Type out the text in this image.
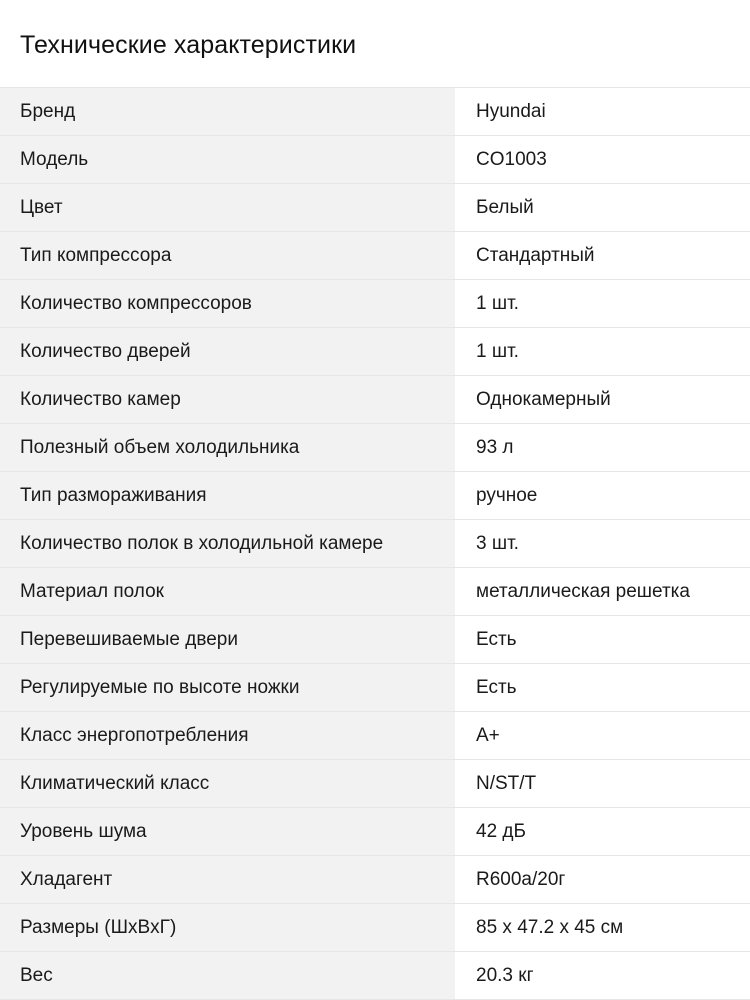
Технические характеристики
Бренд	Hyundai
Модель	CO1003
Цвет	Белый
Тип компрессора	Стандартный
Количество компрессоров	1 шт.
Количество дверей	1 шт.
Количество камер	Однокамерный
Полезный объем холодильника	93 л
Тип размораживания	ручное
Количество полок в холодильной камере	3 шт.
Материал полок	металлическая решетка
Перевешиваемые двери	Есть
Регулируемые по высоте ножки	Есть
Класс энергопотребления	A+
Климатический класс	N/ST/T
Уровень шума	42 дБ
Хладагент	R600a/20г
Размеры (ШxВxГ)	85 x 47.2 x 45 см
Вес	20.3 кг
